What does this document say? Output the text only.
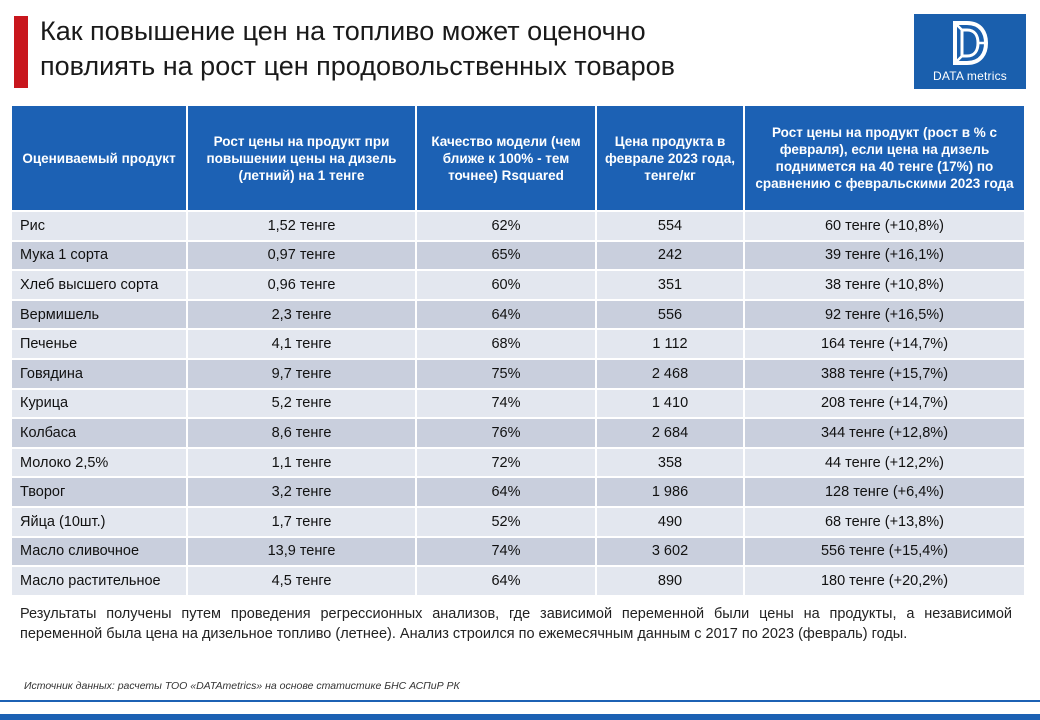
Как повышение цен на топливо может оценочно
повлиять на рост цен продовольственных товаров	DATA metrics
Оцениваемый продукт	Рост цены на продукт при повышении цены на дизель (летний) на 1 тенге	Качество модели (чем ближе к 100% - тем точнее) Rsquared	Цена продукта в феврале 2023 года, тенге/кг	Рост цены на продукт (рост в % с февраля), если цена на дизель поднимется на 40 тенге (17%) по сравнению с февральскими 2023 года
Рис	1,52 тенге	62%	554	60 тенге (+10,8%)
Мука 1 сорта	0,97 тенге	65%	242	39 тенге (+16,1%)
Хлеб высшего сорта	0,96 тенге	60%	351	38 тенге (+10,8%)
Вермишель	2,3 тенге	64%	556	92 тенге (+16,5%)
Печенье	4,1 тенге	68%	1 112	164 тенге (+14,7%)
Говядина	9,7 тенге	75%	2 468	388 тенге (+15,7%)
Курица	5,2 тенге	74%	1 410	208 тенге (+14,7%)
Колбаса	8,6 тенге	76%	2 684	344 тенге (+12,8%)
Молоко 2,5%	1,1 тенге	72%	358	44 тенге (+12,2%)
Творог	3,2 тенге	64%	1 986	128 тенге (+6,4%)
Яйца (10шт.)	1,7 тенге	52%	490	68 тенге (+13,8%)
Масло сливочное	13,9 тенге	74%	3 602	556 тенге (+15,4%)
Масло растительное	4,5 тенге	64%	890	180 тенге (+20,2%)

Результаты получены путем проведения регрессионных анализов, где зависимой переменной были цены на продукты, а независимой переменной была цена на дизельное топливо (летнее). Анализ строился по ежемесячным данным с 2017 по 2023 (февраль) годы.

Источник данных: расчеты ТОО «DATAmetrics» на основе статистике БНС АСПиР РК
